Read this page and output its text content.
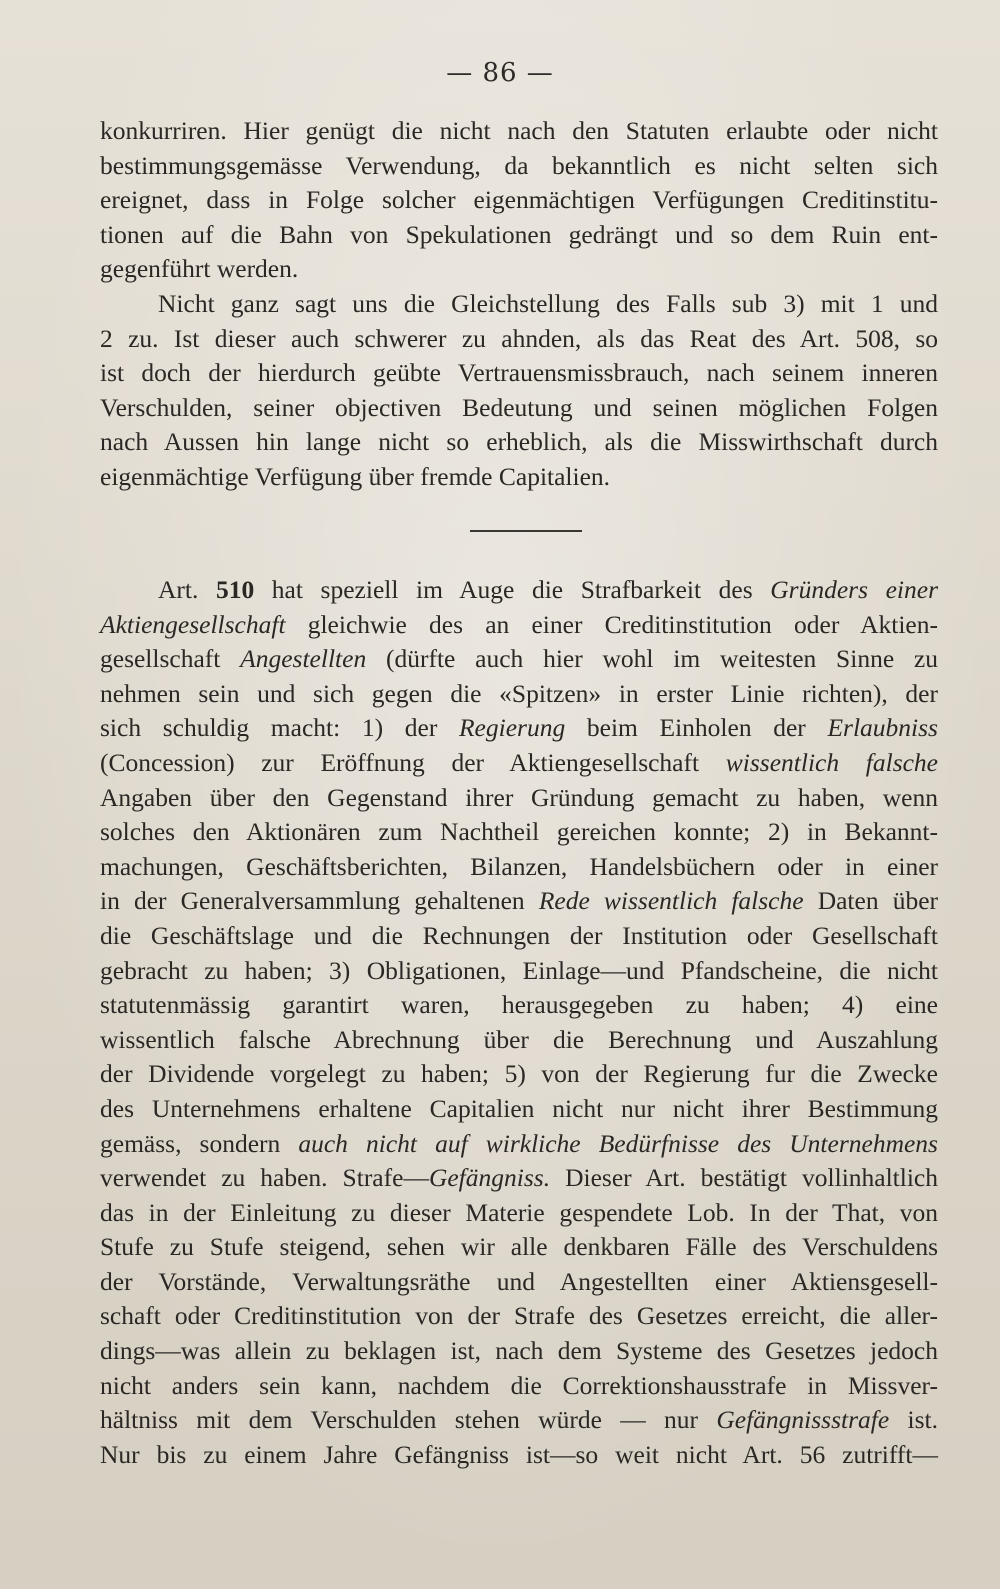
— 86 —
konkurriren. Hier genügt die nicht nach den Statuten erlaubte oder nicht
bestimmungsgemässe Verwendung, da bekanntlich es nicht selten sich
ereignet, dass in Folge solcher eigenmächtigen Verfügungen Creditinstitu-
tionen auf die Bahn von Spekulationen gedrängt und so dem Ruin ent-
gegenführt werden.
Nicht ganz sagt uns die Gleichstellung des Falls sub 3) mit 1 und
2 zu. Ist dieser auch schwerer zu ahnden, als das Reat des Art. 508, so
ist doch der hierdurch geübte Vertrauensmissbrauch, nach seinem inneren
Verschulden, seiner objectiven Bedeutung und seinen möglichen Folgen
nach Aussen hin lange nicht so erheblich, als die Misswirthschaft durch
eigenmächtige Verfügung über fremde Capitalien.
Art. 510 hat speziell im Auge die Strafbarkeit des Gründers einer
Aktiengesellschaft gleichwie des an einer Creditinstitution oder Aktien-
gesellschaft Angestellten (dürfte auch hier wohl im weitesten Sinne zu
nehmen sein und sich gegen die «Spitzen» in erster Linie richten), der
sich schuldig macht: 1) der Regierung beim Einholen der Erlaubniss
(Concession) zur Eröffnung der Aktiengesellschaft wissentlich falsche
Angaben über den Gegenstand ihrer Gründung gemacht zu haben, wenn
solches den Aktionären zum Nachtheil gereichen konnte; 2) in Bekannt-
machungen, Geschäftsberichten, Bilanzen, Handelsbüchern oder in einer
in der Generalversammlung gehaltenen Rede wissentlich falsche Daten über
die Geschäftslage und die Rechnungen der Institution oder Gesellschaft
gebracht zu haben; 3) Obligationen, Einlage—und Pfandscheine, die nicht
statutenmässig garantirt waren, herausgegeben zu haben; 4) eine
wissentlich falsche Abrechnung über die Berechnung und Auszahlung
der Dividende vorgelegt zu haben; 5) von der Regierung fur die Zwecke
des Unternehmens erhaltene Capitalien nicht nur nicht ihrer Bestimmung
gemäss, sondern auch nicht auf wirkliche Bedürfnisse des Unternehmens
verwendet zu haben. Strafe—Gefängniss. Dieser Art. bestätigt vollinhaltlich
das in der Einleitung zu dieser Materie gespendete Lob. In der That, von
Stufe zu Stufe steigend, sehen wir alle denkbaren Fälle des Verschuldens
der Vorstände, Verwaltungsräthe und Angestellten einer Aktiensgesell-
schaft oder Creditinstitution von der Strafe des Gesetzes erreicht, die aller-
dings—was allein zu beklagen ist, nach dem Systeme des Gesetzes jedoch
nicht anders sein kann, nachdem die Correktionshausstrafe in Missver-
hältniss mit dem Verschulden stehen würde — nur Gefängnissstrafe ist.
Nur bis zu einem Jahre Gefängniss ist—so weit nicht Art. 56 zutrifft—
